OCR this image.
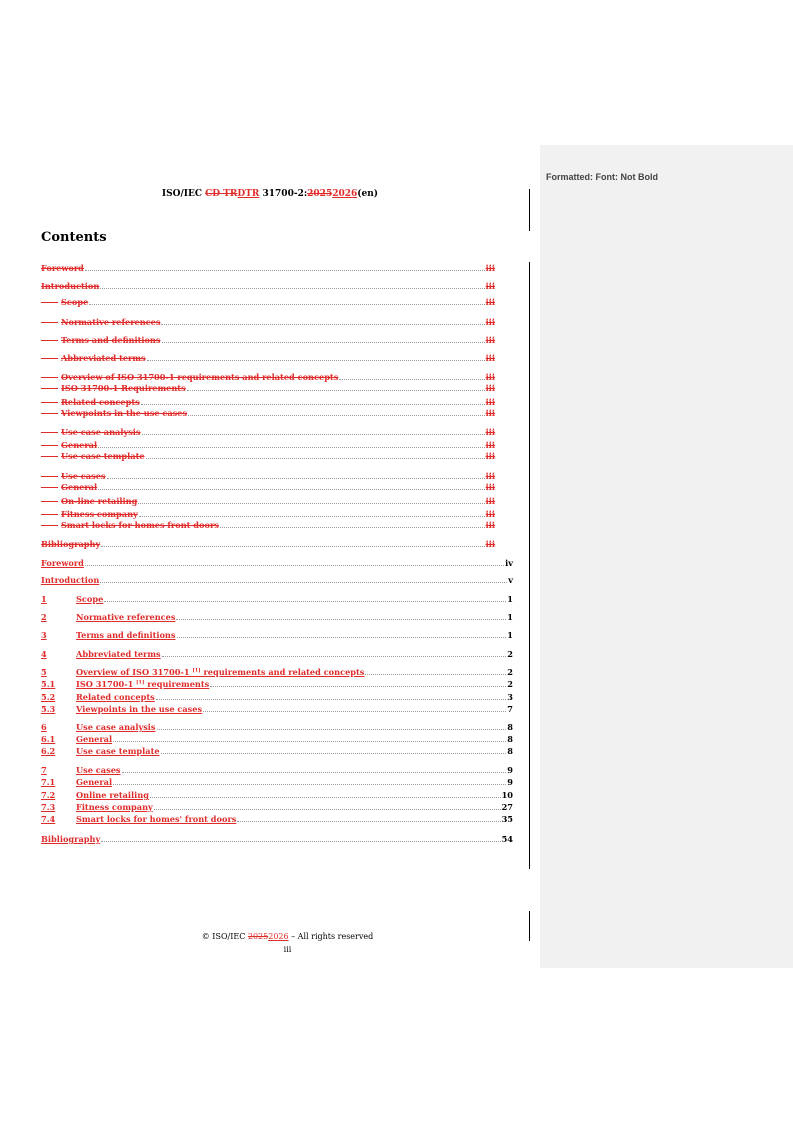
Formatted: Font: Not Bold
ISO/IEC CD TRDTR 31700-2:20252026(en)
Contents
Foreword	iii
Introduction	iii

Scope	iii

Normative references	iii

Terms and definitions	iii

Abbreviated terms	iii

Overview of ISO 31700-1 requirements and related concepts	iii

ISO 31700-1 Requirements	iii

Related concepts	iii

Viewpoints in the use cases	iii

Use case analysis	iii

General	iii

Use case template	iii

Use cases	iii

General	iii

On-line retailing	iii

Fitness company	iii

Smart locks for homes front doors	iii
Bibliography	iii
Foreword	iv
Introduction	v
1	Scope	1
2	Normative references	1
3	Terms and definitions	1
4	Abbreviated terms	2
5	Overview of ISO 31700-1 [1] requirements and related concepts	2
5.1	ISO 31700-1 [1] requirements	2
5.2	Related concepts	3
5.3	Viewpoints in the use cases	7
6	Use case analysis	8
6.1	General	8
6.2	Use case template	8
7	Use cases	9
7.1	General	9
7.2	Online retailing	10
7.3	Fitness company	27
7.4	Smart locks for homes' front doors	35
Bibliography	54
© ISO/IEC 20252026 – All rights reserved
iii
